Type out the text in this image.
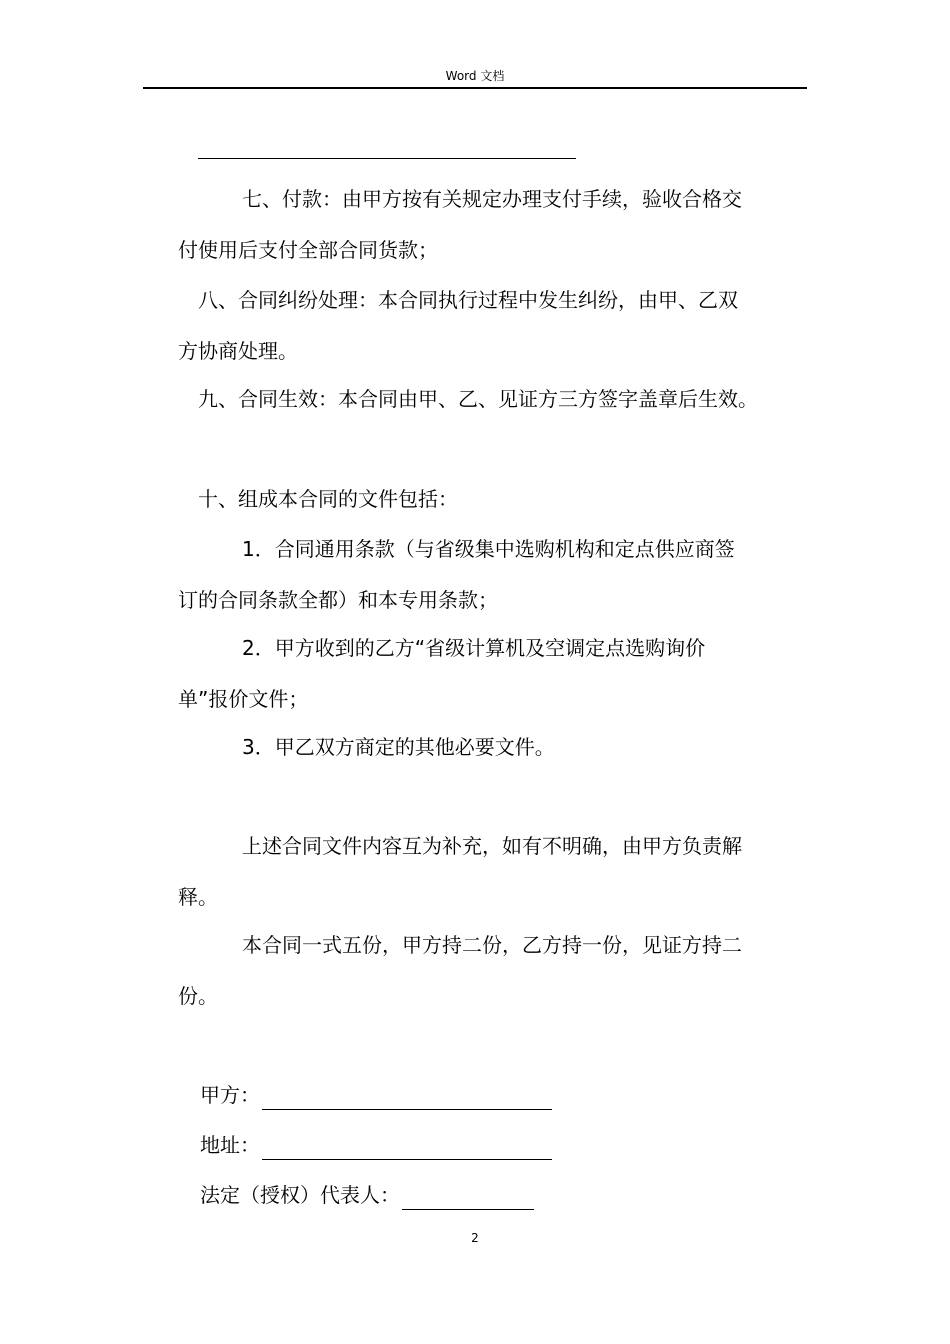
Word 文档
七、付款：由甲方按有关规定办理支付手续，验收合格交
付使用后支付全部合同货款；
八、合同纠纷处理：本合同执行过程中发生纠纷，由甲、乙双
方协商处理。
九、合同生效：本合同由甲、乙、见证方三方签字盖章后生效。
十、组成本合同的文件包括：
1．合同通用条款（与省级集中选购机构和定点供应商签
订的合同条款全都）和本专用条款；
2．甲方收到的乙方“省级计算机及空调定点选购询价
单”报价文件；
3．甲乙双方商定的其他必要文件。
上述合同文件内容互为补充，如有不明确，由甲方负责解
释。
本合同一式五份，甲方持二份，乙方持一份，见证方持二
份。
甲方：
地址：
法定（授权）代表人：
2
